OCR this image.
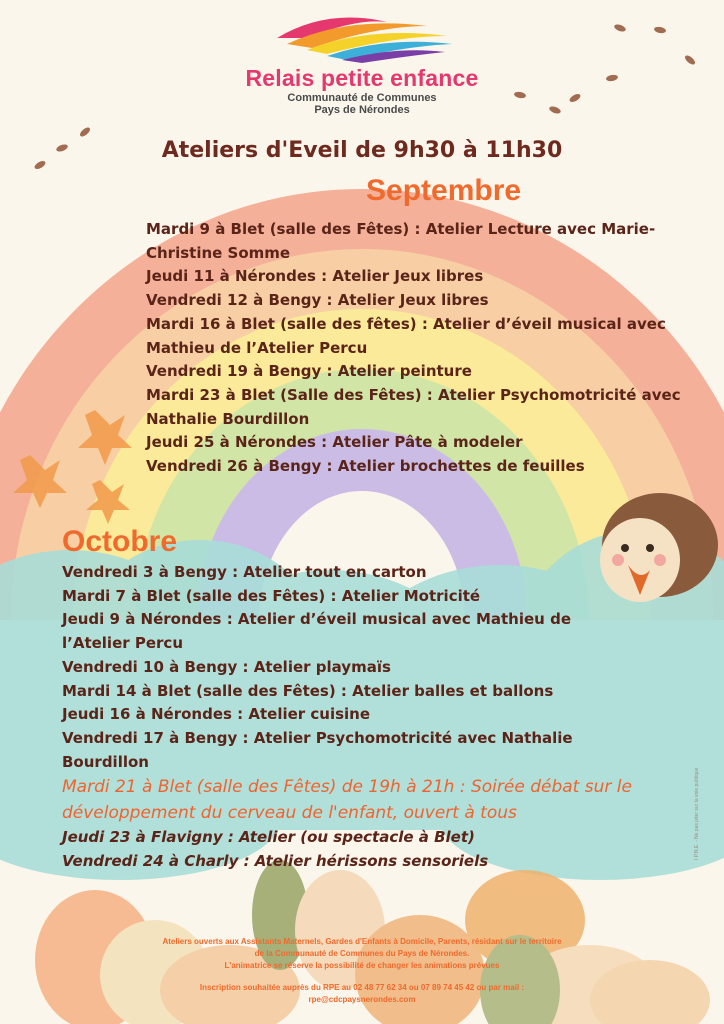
Relais petite enfance
Communauté de Communes
Pays de Nérondes
Ateliers d'Eveil de 9h30 à 11h30
Septembre
Mardi 9 à Blet (salle des Fêtes) : Atelier Lecture avec Marie-Christine Somme
Jeudi 11 à Nérondes : Atelier Jeux libres
Vendredi 12 à Bengy : Atelier Jeux libres
Mardi 16 à Blet (salle des fêtes) : Atelier d’éveil musical avec Mathieu de l’Atelier Percu
Vendredi 19 à Bengy : Atelier peinture
Mardi 23 à Blet (Salle des Fêtes) : Atelier Psychomotricité avec Nathalie Bourdillon
Jeudi 25 à Nérondes : Atelier Pâte à modeler
Vendredi 26 à Bengy : Atelier brochettes de feuilles
Octobre
Vendredi 3 à Bengy : Atelier tout en carton
Mardi 7 à Blet (salle des Fêtes) : Atelier Motricité
Jeudi 9 à Nérondes : Atelier d’éveil musical avec Mathieu de l’Atelier Percu
Vendredi 10 à Bengy : Atelier playmaïs
Mardi 14 à Blet (salle des Fêtes) : Atelier balles et ballons
Jeudi 16 à Nérondes : Atelier cuisine
Vendredi 17 à Bengy : Atelier Psychomotricité avec Nathalie Bourdillon
Mardi 21 à Blet (salle des Fêtes) de 19h à 21h : Soirée débat sur le développement du cerveau de l'enfant, ouvert à tous
Jeudi 23 à Flavigny : Atelier (ou spectacle à Blet)
Vendredi 24 à Charly : Atelier hérissons sensoriels

Ateliers ouverts aux Assistants Maternels, Gardes d'Enfants à Domicile, Parents, résidant sur le territoire

de la Communauté de Communes du Pays de Nérondes.

L'animatrice se réserve la possibilité de changer les animations prévues

Inscription souhaitée auprès du RPE au 02 48 77 62 34 ou 07 89 74 45 42 ou par mail :

rpe@cdcpaysnerondes.com

I.P.N.E. - Ne pas jeter sur la voie publique
